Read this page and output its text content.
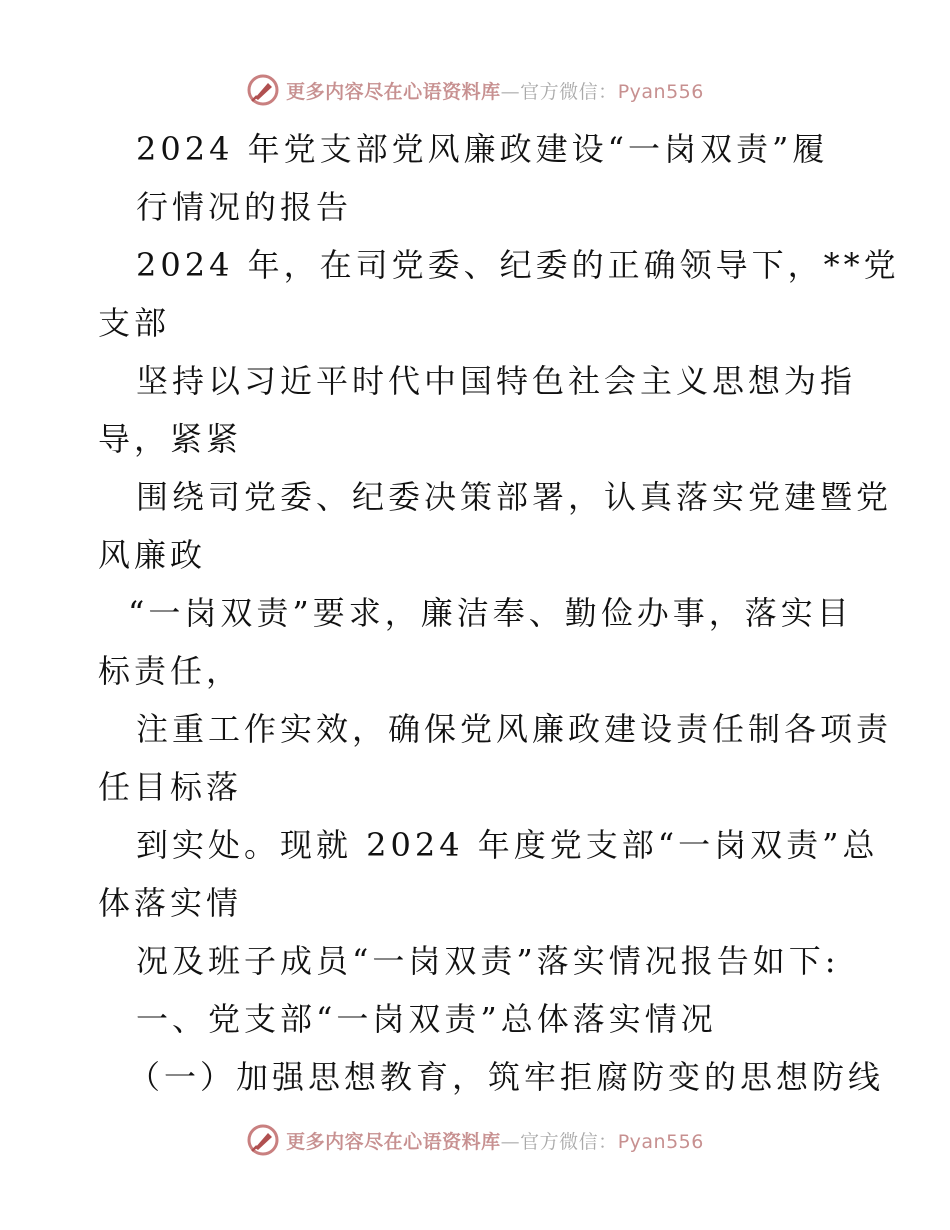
更多内容尽在心语资料库—官方微信：Pyan556
2024 年党支部党风廉政建设“一岗双责”履
行情况的报告
2024 年，在司党委、纪委的正确领导下，**党
支部
坚持以习近平时代中国特色社会主义思想为指
导，紧紧
围绕司党委、纪委决策部署，认真落实党建暨党
风廉政
“一岗双责”要求，廉洁奉、勤俭办事，落实目
标责任，
注重工作实效，确保党风廉政建设责任制各项责
任目标落
到实处。现就 2024 年度党支部“一岗双责”总
体落实情
况及班子成员“一岗双责”落实情况报告如下:
一、党支部“一岗双责”总体落实情况
（一）加强思想教育，筑牢拒腐防变的思想防线
更多内容尽在心语资料库—官方微信：Pyan556
